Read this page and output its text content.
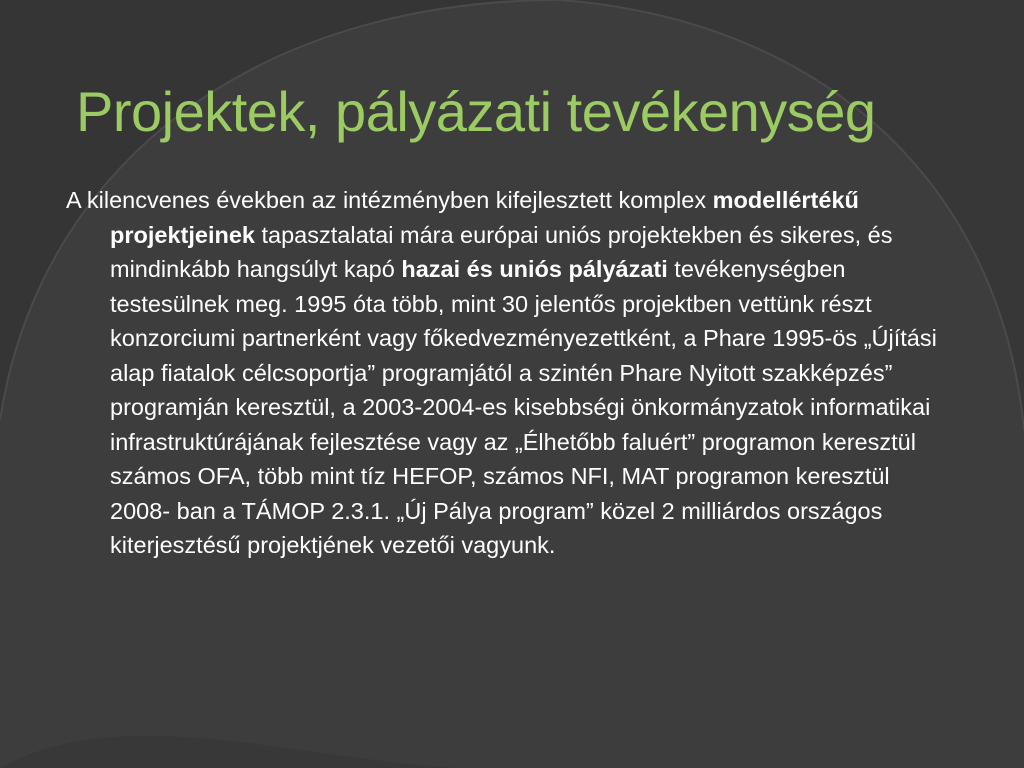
Projektek, pályázati tevékenység

A kilencvenes években az intézményben kifejlesztett komplex modellértékű projektjeinek tapasztalatai mára európai uniós projektekben és sikeres, és mindinkább hangsúlyt kapó hazai és uniós pályázati tevékenységben testesülnek meg. 1995 óta több, mint 30 jelentős projektben vettünk részt konzorciumi partnerként vagy főkedvezményezettként, a Phare 1995-ös „Újítási alap fiatalok célcsoportja” programjától a szintén Phare Nyitott szakképzés” programján keresztül, a 2003-2004-es kisebbségi önkormányzatok informatikai infrastruktúrájának fejlesztése vagy az „Élhetőbb faluért” programon keresztül számos OFA, több mint tíz HEFOP, számos NFI, MAT programon keresztül 2008- ban a TÁMOP 2.3.1. „Új Pálya program” közel 2 milliárdos országos kiterjesztésű projektjének vezetői vagyunk.
